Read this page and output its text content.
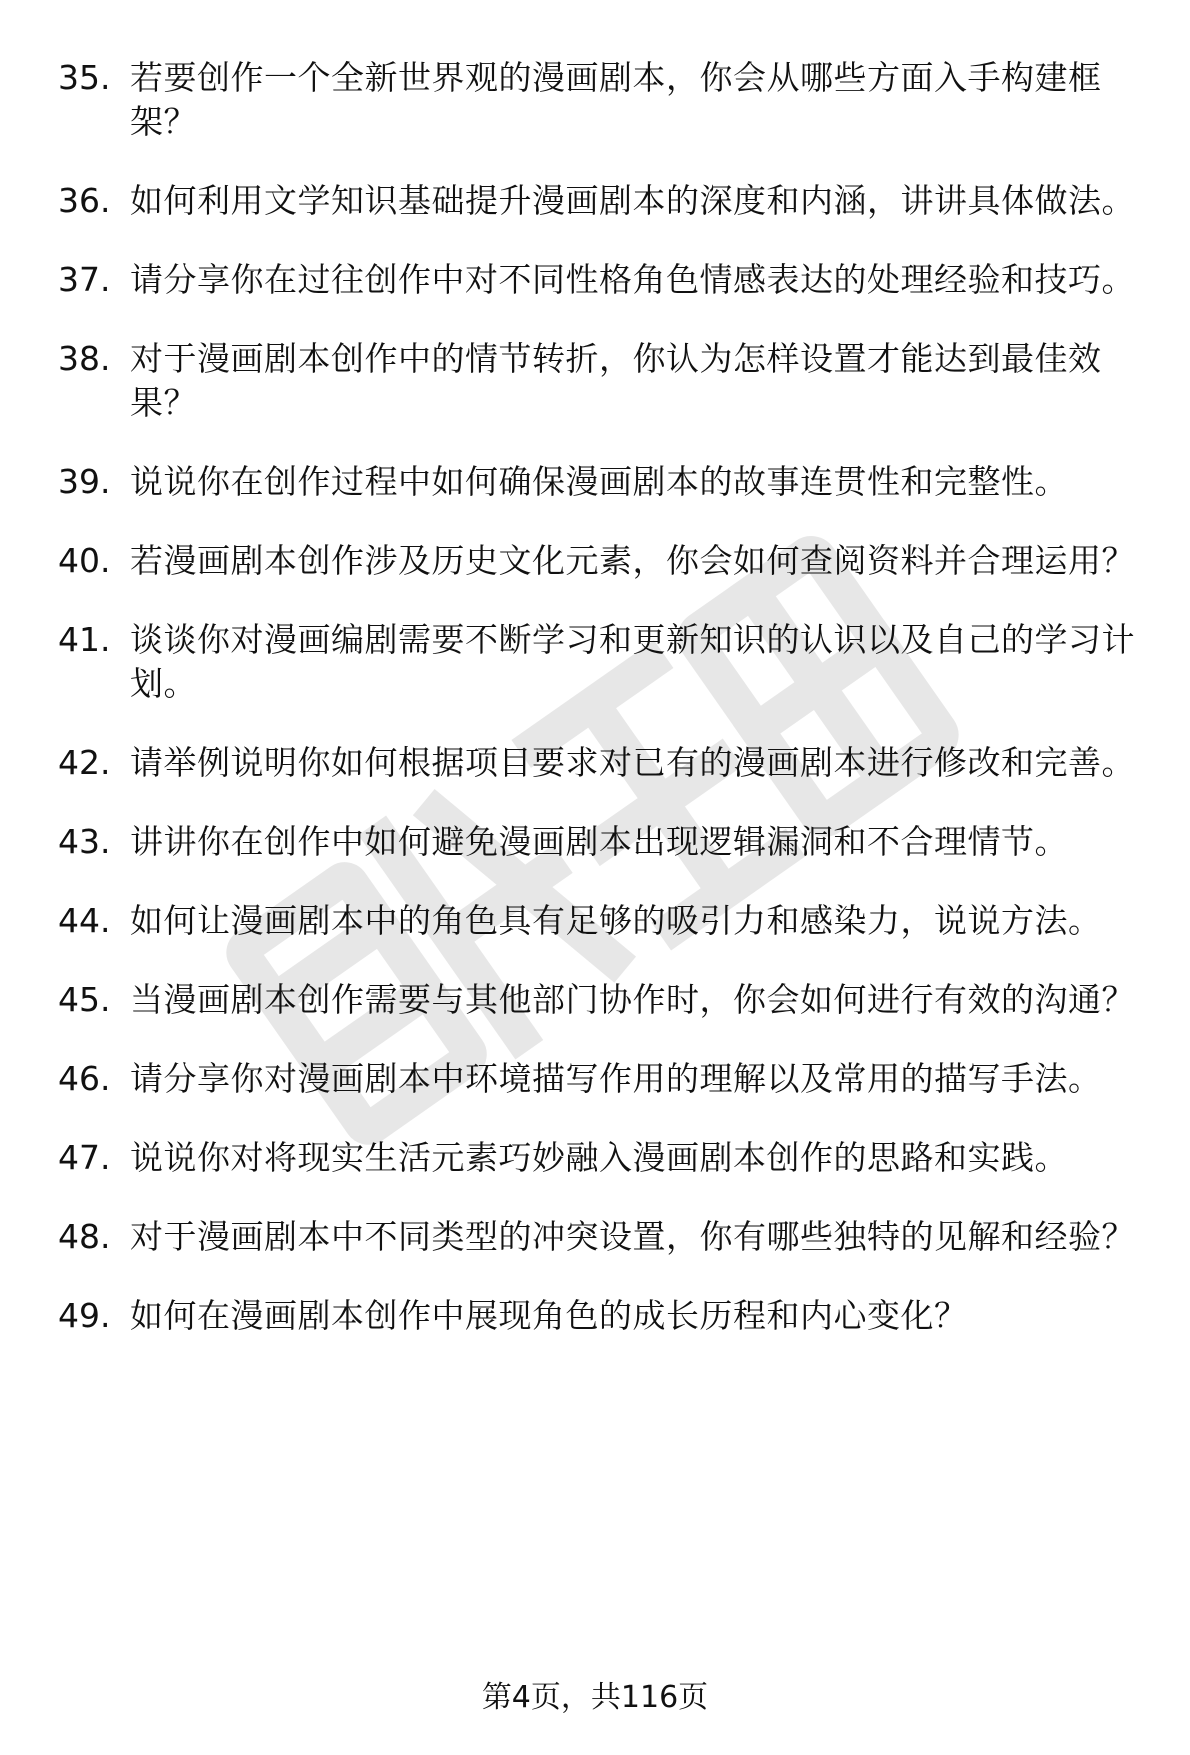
35. 若要创作一个全新世界观的漫画剧本，你会从哪些方面入手构建框架？
36. 如何利用文学知识基础提升漫画剧本的深度和内涵，讲讲具体做法。
37. 请分享你在过往创作中对不同性格角色情感表达的处理经验和技巧。
38. 对于漫画剧本创作中的情节转折，你认为怎样设置才能达到最佳效果？
39. 说说你在创作过程中如何确保漫画剧本的故事连贯性和完整性。
40. 若漫画剧本创作涉及历史文化元素，你会如何查阅资料并合理运用？
41. 谈谈你对漫画编剧需要不断学习和更新知识的认识以及自己的学习计划。
42. 请举例说明你如何根据项目要求对已有的漫画剧本进行修改和完善。
43. 讲讲你在创作中如何避免漫画剧本出现逻辑漏洞和不合理情节。
44. 如何让漫画剧本中的角色具有足够的吸引力和感染力，说说方法。
45. 当漫画剧本创作需要与其他部门协作时，你会如何进行有效的沟通？
46. 请分享你对漫画剧本中环境描写作用的理解以及常用的描写手法。
47. 说说你对将现实生活元素巧妙融入漫画剧本创作的思路和实践。
48. 对于漫画剧本中不同类型的冲突设置，你有哪些独特的见解和经验？
49. 如何在漫画剧本创作中展现角色的成长历程和内心变化？
第4页，共116页
